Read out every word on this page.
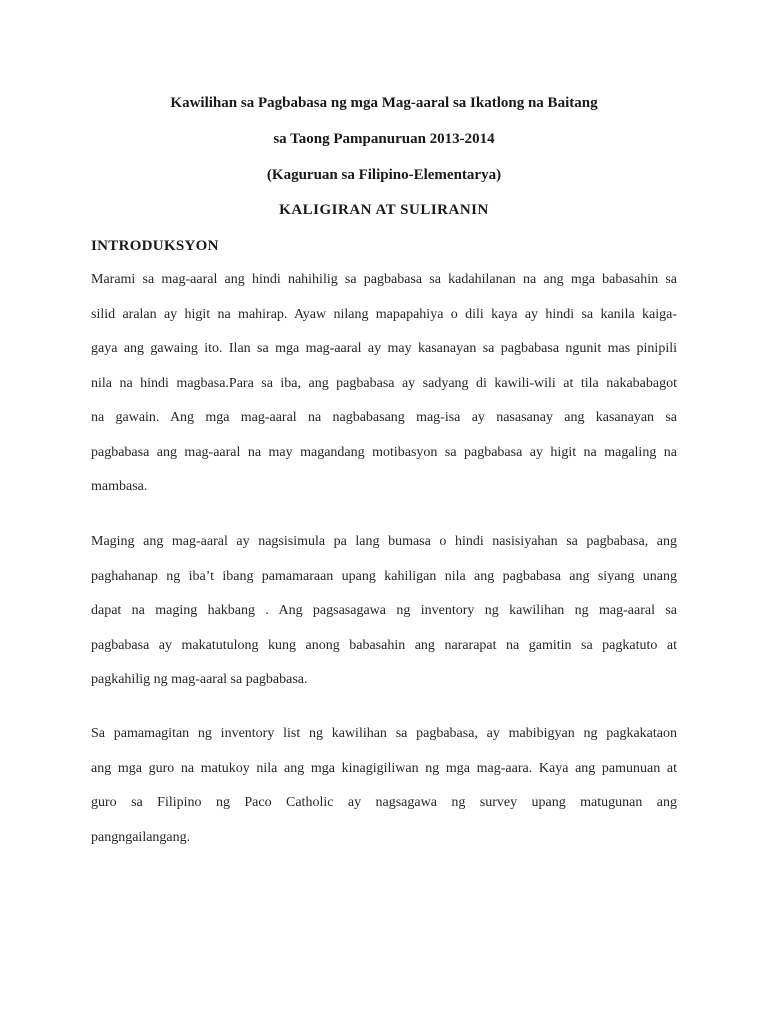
Kawilihan sa Pagbabasa ng mga Mag-aaral sa Ikatlong na Baitang
sa Taong Pampanuruan 2013-2014
(Kaguruan sa Filipino-Elementarya)
KALIGIRAN AT SULIRANIN
INTRODUKSYON
Marami sa mag-aaral ang hindi nahihilig sa pagbabasa sa kadahilanan na ang mga babasahin sa
silid aralan ay higit na mahirap. Ayaw nilang mapapahiya o dili kaya ay hindi sa kanila kaiga-
gaya ang gawaing ito. Ilan sa mga mag-aaral ay may kasanayan sa pagbabasa ngunit mas pinipili
nila na hindi magbasa.Para sa iba, ang pagbabasa ay sadyang di kawili-wili at tila nakababagot
na gawain. Ang mga mag-aaral na nagbabasang mag-isa ay nasasanay ang kasanayan sa
pagbabasa ang mag-aaral na may magandang motibasyon sa pagbabasa ay higit na magaling na
mambasa.
Maging ang mag-aaral ay nagsisimula pa lang bumasa o hindi nasisiyahan sa pagbabasa, ang
paghahanap ng iba’t ibang pamamaraan upang kahiligan nila ang pagbabasa ang siyang unang
dapat na maging hakbang . Ang pagsasagawa ng inventory ng kawilihan ng mag-aaral sa
pagbabasa ay makatutulong kung anong babasahin ang nararapat na gamitin sa pagkatuto at
pagkahilig ng mag-aaral sa pagbabasa.
Sa pamamagitan ng inventory list ng kawilihan sa pagbabasa, ay mabibigyan ng pagkakataon
ang mga guro na matukoy nila ang mga kinagigiliwan ng mga mag-aara. Kaya ang pamunuan at
guro sa Filipino ng Paco Catholic ay nagsagawa ng survey upang matugunan ang
pangngailangang.
